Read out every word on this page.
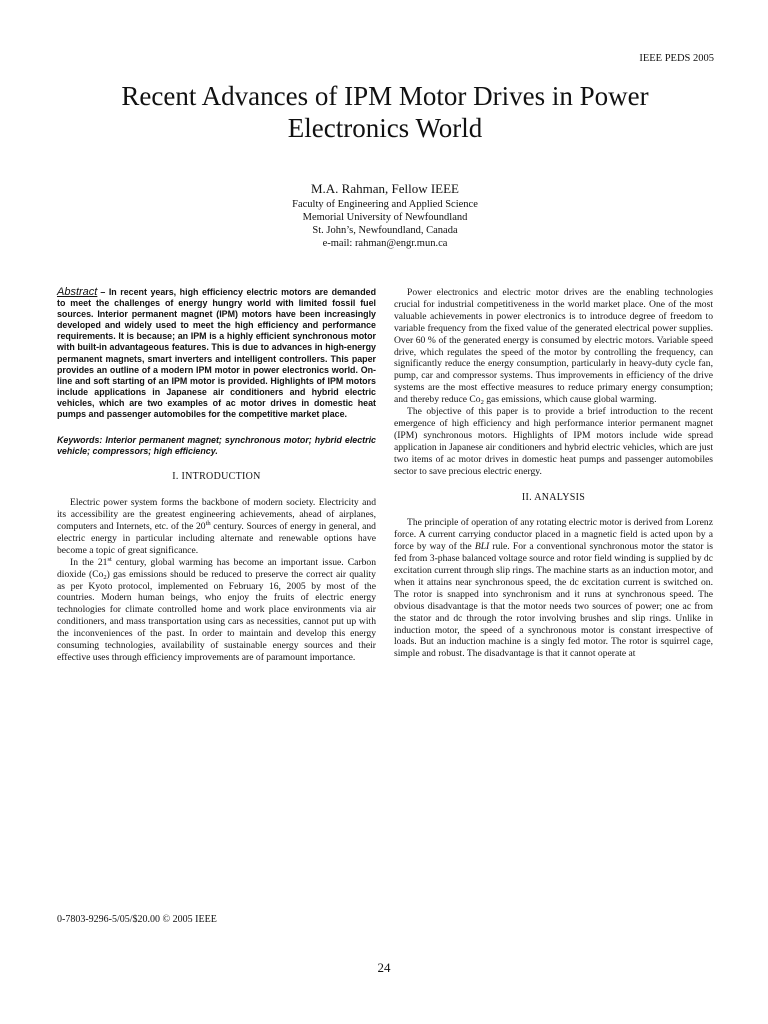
IEEE PEDS 2005
Recent Advances of IPM Motor Drives in Power Electronics World
M.A. Rahman, Fellow IEEE
Faculty of Engineering and Applied Science
Memorial University of Newfoundland
St. John’s, Newfoundland, Canada
e-mail: rahman@engr.mun.ca

Abstract – In recent years, high efficiency electric motors are demanded to meet the challenges of energy hungry world with limited fossil fuel sources. Interior permanent magnet (IPM) motors have been increasingly developed and widely used to meet the high efficiency and performance requirements. It is because; an IPM is a highly efficient synchronous motor with built-in advantageous features. This is due to advances in high-energy permanent magnets, smart inverters and intelligent controllers. This paper provides an outline of a modern IPM motor in power electronics world. On-line and soft starting of an IPM motor is provided. Highlights of IPM motors include applications in Japanese air conditioners and hybrid electric vehicles, which are two examples of ac motor drives in domestic heat pumps and passenger automobiles for the competitive market place.

Keywords: Interior permanent magnet; synchronous motor; hybrid electric vehicle; compressors; high efficiency.

I. INTRODUCTION

Electric power system forms the backbone of modern society. Electricity and its accessibility are the greatest engineering achievements, ahead of airplanes, computers and Internets, etc. of the 20th century. Sources of energy in general, and electric energy in particular including alternate and renewable options have become a topic of great significance.

In the 21st century, global warming has become an important issue. Carbon dioxide $(Co_2)$ gas emissions should be reduced to preserve the correct air quality as per Kyoto protocol, implemented on February 16, 2005 by most of the countries. Modern human beings, who enjoy the fruits of electric energy technologies for climate controlled home and work place environments via air conditioners, and mass transportation using cars as necessities, cannot put up with the inconveniences of the past. In order to maintain and develop this energy consuming technologies, availability of sustainable energy sources and their effective uses through efficiency improvements are of paramount importance.

Power electronics and electric motor drives are the enabling technologies crucial for industrial competitiveness in the world market place. One of the most valuable achievements in power electronics is to introduce degree of freedom to variable frequency from the fixed value of the generated electrical power supplies. Over 60 % of the generated energy is consumed by electric motors. Variable speed drive, which regulates the speed of the motor by controlling the frequency, can significantly reduce the energy consumption, particularly in heavy-duty cycle fan, pump, car and compressor systems. Thus improvements in efficiency of the drive systems are the most effective measures to reduce primary energy consumption; and thereby reduce $Co_2$ gas emissions, which cause global warming.

The objective of this paper is to provide a brief introduction to the recent emergence of high efficiency and high performance interior permanent magnet (IPM) synchronous motors. Highlights of IPM motors include wide spread application in Japanese air conditioners and hybrid electric vehicles, which are just two items of ac motor drives in domestic heat pumps and passenger automobiles sector to save precious electric energy.

II. ANALYSIS

The principle of operation of any rotating electric motor is derived from Lorenz force. A current carrying conductor placed in a magnetic field is acted upon by a force by way of the BLI rule. For a conventional synchronous motor the stator is fed from 3-phase balanced voltage source and rotor field winding is supplied by dc excitation current through slip rings. The machine starts as an induction motor, and when it attains near synchronous speed, the dc excitation current is switched on. The rotor is snapped into synchronism and it runs at synchronous speed. The obvious disadvantage is that the motor needs two sources of power; one ac from the stator and dc through the rotor involving brushes and slip rings. Unlike in induction motor, the speed of a synchronous motor is constant irrespective of loads. But an induction machine is a singly fed motor. The rotor is squirrel cage, simple and robust. The disadvantage is that it cannot operate at

0-7803-9296-5/05/$20.00 © 2005 IEEE
24
